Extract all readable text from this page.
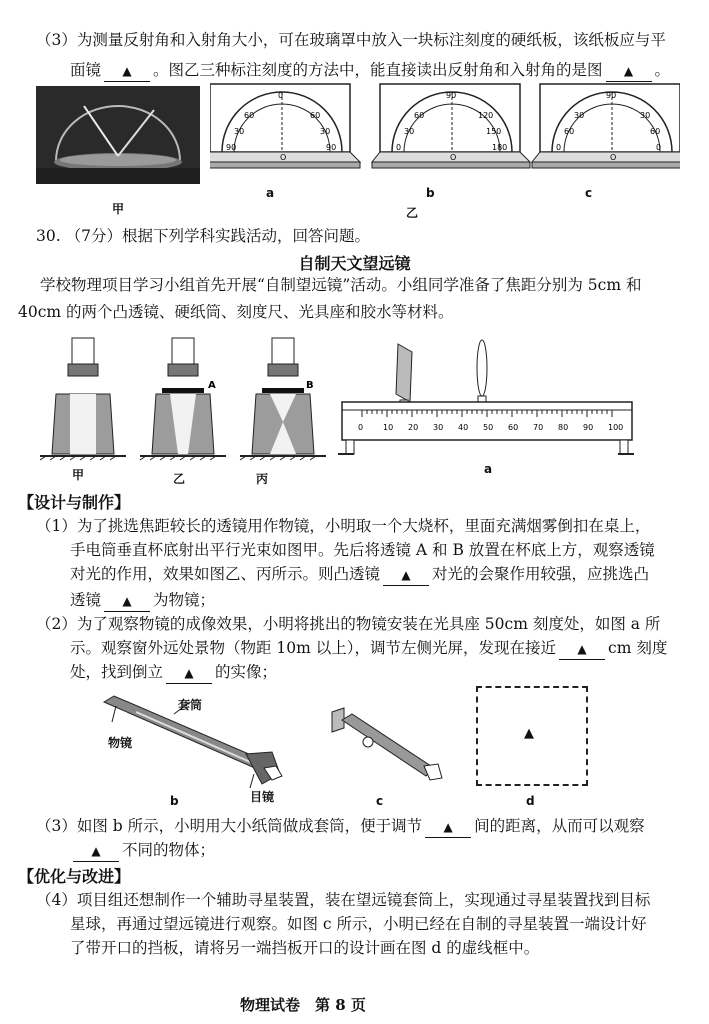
（3）为测量反射角和入射角大小，可在玻璃罩中放入一块标注刻度的硬纸板，该纸板应与平
面镜 ▲ 。图乙三种标注刻度的方法中，能直接读出反射角和入射角的是图 ▲ 。
甲
0
60	60
30	30
90	90
O
90
60	120
30	150
0	180
O
90
30	30
60	60
0	0
O
a	b	c
乙
30. （7分）根据下列学科实践活动，回答问题。
自制天文望远镜
学校物理项目学习小组首先开展“自制望远镜”活动。小组同学准备了焦距分别为 5cm 和
40cm 的两个凸透镜、硬纸筒、刻度尺、光具座和胶水等材料。
A	B
甲	乙	丙
0 10 20 30 40 50 60 70 80 90 100
a
【设计与制作】
（1）为了挑选焦距较长的透镜用作物镜，小明取一个大烧杯，里面充满烟雾倒扣在桌上，
手电筒垂直杯底射出平行光束如图甲。先后将透镜 A 和 B 放置在杯底上方，观察透镜
对光的作用，效果如图乙、丙所示。则凸透镜 ▲ 对光的会聚作用较强，应挑选凸
透镜 ▲ 为物镜；
（2）为了观察物镜的成像效果，小明将挑出的物镜安装在光具座 50cm 刻度处，如图 a 所
示。观察窗外远处景物（物距 10m 以上），调节左侧光屏，发现在接近 ▲ cm 刻度
处，找到倒立 ▲ 的实像；
套筒
物镜
目镜
b	c
▲
d
（3）如图 b 所示，小明用大小纸筒做成套筒，便于调节 ▲ 间的距离，从而可以观察
▲ 不同的物体；
【优化与改进】
（4）项目组还想制作一个辅助寻星装置，装在望远镜套筒上，实现通过寻星装置找到目标
星球，再通过望远镜进行观察。如图 c 所示，小明已经在自制的寻星装置一端设计好
了带开口的挡板，请将另一端挡板开口的设计画在图 d 的虚线框中。
物理试卷　第 8 页
